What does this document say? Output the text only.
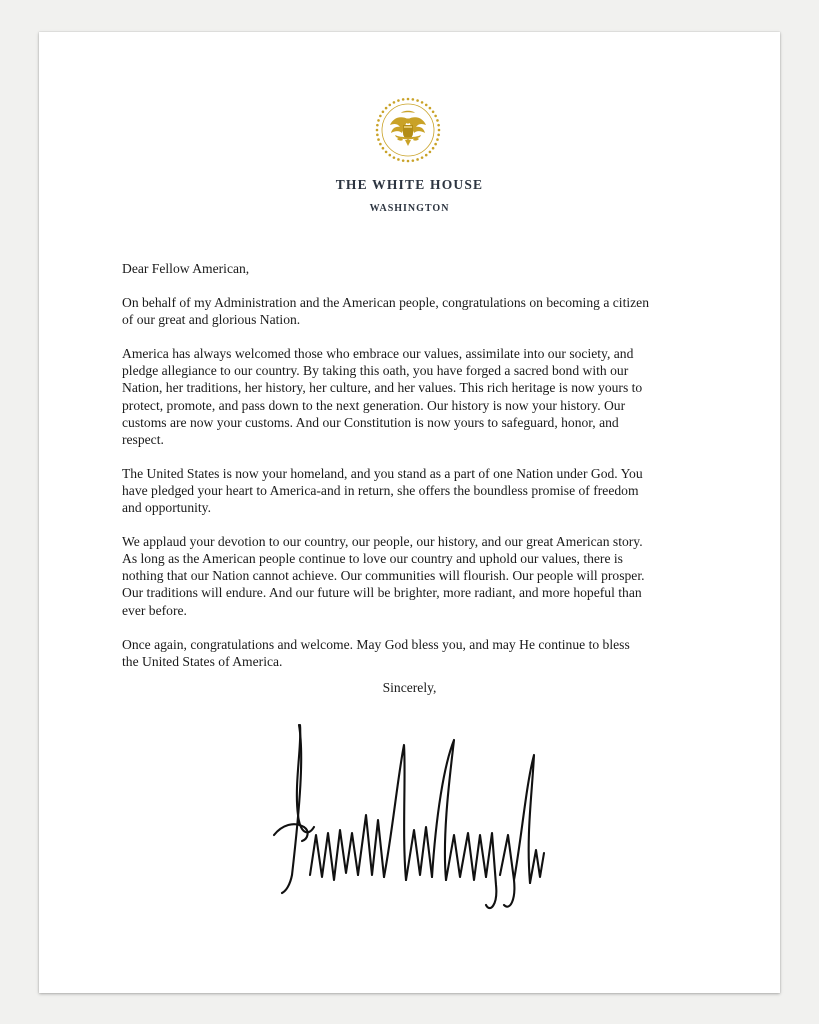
THE WHITE HOUSE
WASHINGTON

Dear Fellow American,

On behalf of my Administration and the American people, congratulations on becoming a citizen
of our great and glorious Nation.

America has always welcomed those who embrace our values, assimilate into our society, and
pledge allegiance to our country. By taking this oath, you have forged a sacred bond with our
Nation, her traditions, her history, her culture, and her values. This rich heritage is now yours to
protect, promote, and pass down to the next generation. Our history is now your history. Our
customs are now your customs. And our Constitution is now yours to safeguard, honor, and
respect.

The United States is now your homeland, and you stand as a part of one Nation under God. You
have pledged your heart to America-and in return, she offers the boundless promise of freedom
and opportunity.

We applaud your devotion to our country, our people, our history, and our great American story.
As long as the American people continue to love our country and uphold our values, there is
nothing that our Nation cannot achieve. Our communities will flourish. Our people will prosper.
Our traditions will endure. And our future will be brighter, more radiant, and more hopeful than
ever before.

Once again, congratulations and welcome. May God bless you, and may He continue to bless
the United States of America.

Sincerely,
